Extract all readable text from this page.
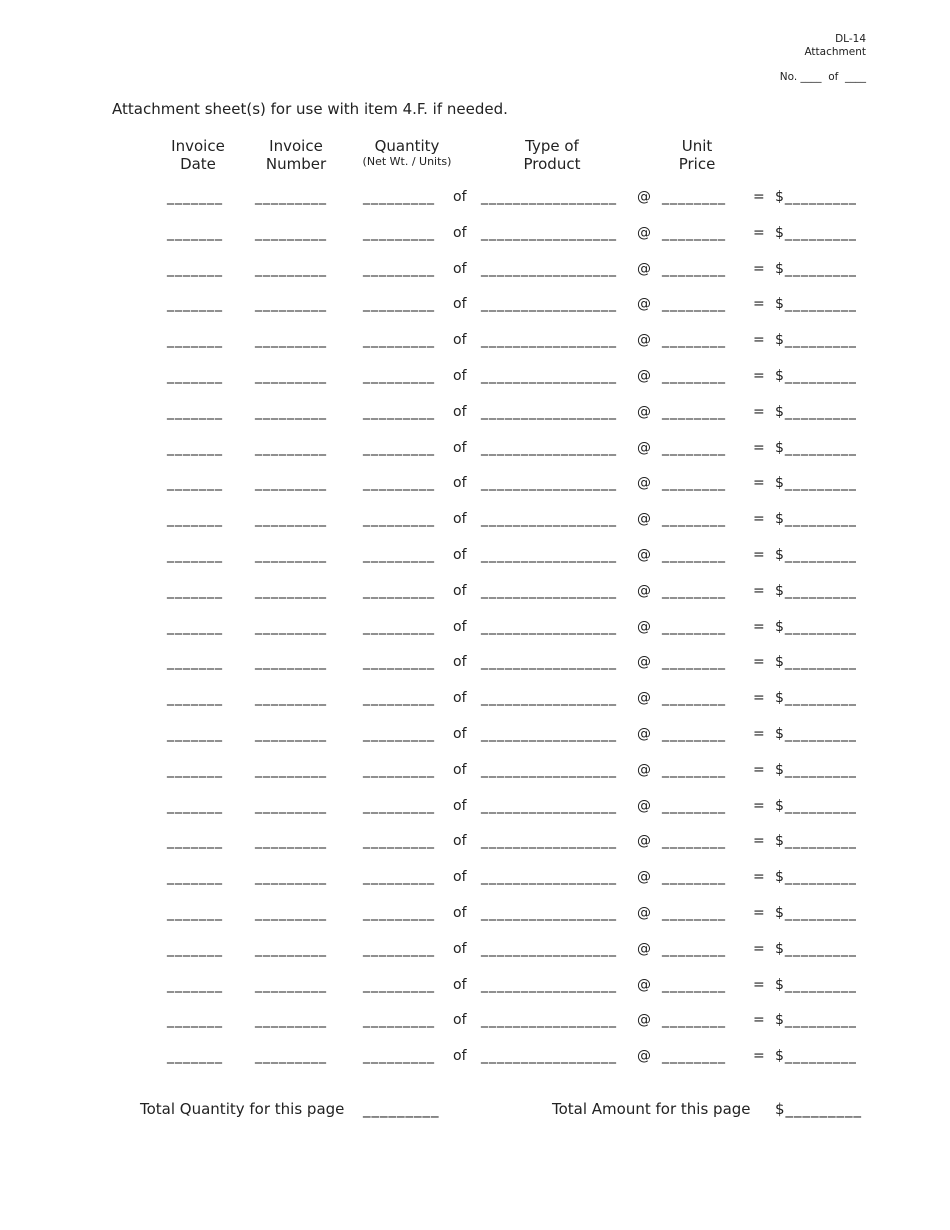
DL-14
Attachment
No. ____ of ____
Attachment sheet(s) for use with item 4.F. if needed.
Invoice
Date
Invoice
Number
Quantity
(Net Wt. / Units)
Type of
Product
Unit
Price
_______ _________	_________ of _________________ @ ________ = $_________
_______ _________	_________ of _________________ @ ________ = $_________
_______ _________	_________ of _________________ @ ________ = $_________
_______ _________	_________ of _________________ @ ________ = $_________
_______ _________	_________ of _________________ @ ________ = $_________
_______ _________	_________ of _________________ @ ________ = $_________
_______ _________	_________ of _________________ @ ________ = $_________
_______ _________	_________ of _________________ @ ________ = $_________
_______ _________	_________ of _________________ @ ________ = $_________
_______ _________	_________ of _________________ @ ________ = $_________
_______ _________	_________ of _________________ @ ________ = $_________
_______ _________	_________ of _________________ @ ________ = $_________
_______ _________	_________ of _________________ @ ________ = $_________
_______ _________	_________ of _________________ @ ________ = $_________
_______ _________	_________ of _________________ @ ________ = $_________
_______ _________	_________ of _________________ @ ________ = $_________
_______ _________	_________ of _________________ @ ________ = $_________
_______ _________	_________ of _________________ @ ________ = $_________
_______ _________	_________ of _________________ @ ________ = $_________
_______ _________	_________ of _________________ @ ________ = $_________
_______ _________	_________ of _________________ @ ________ = $_________
_______ _________	_________ of _________________ @ ________ = $_________
_______ _________	_________ of _________________ @ ________ = $_________
_______ _________	_________ of _________________ @ ________ = $_________
_______ _________	_________ of _________________ @ ________ = $_________
Total Quantity for this page _________	Total Amount for this page $_________
